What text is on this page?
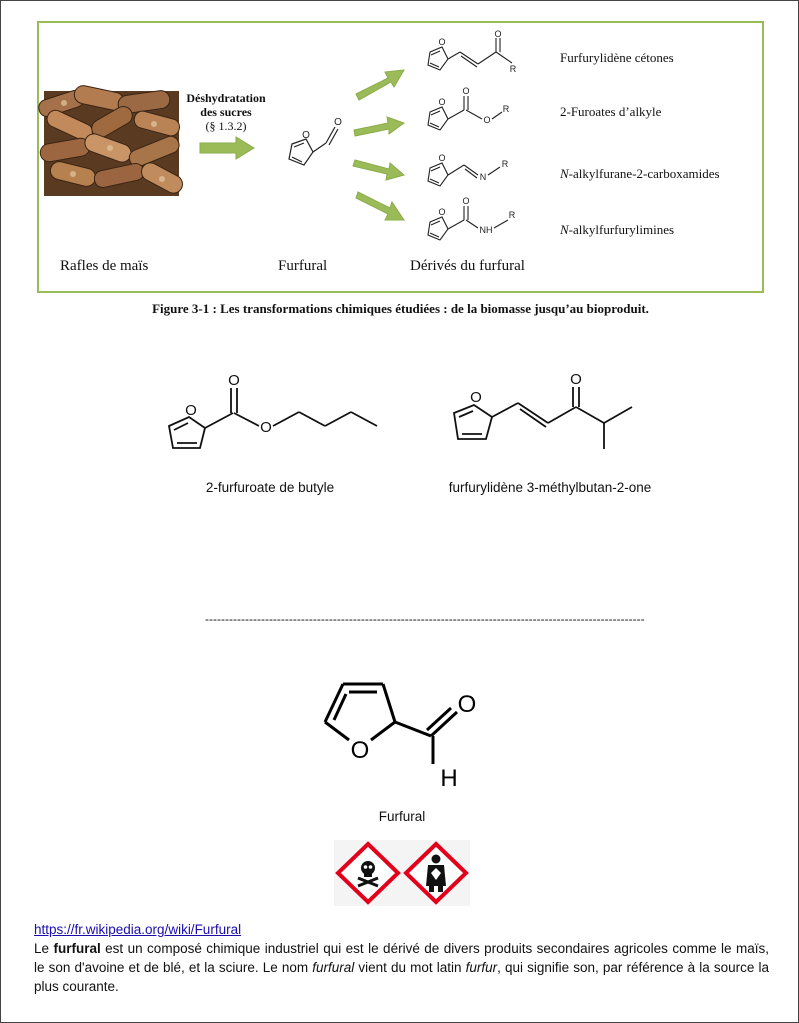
Déshydratation
des sucres
(§ 1.3.2)
O
O
O
O
R
O
O
O
R
O
N
R
O
O
NH
R
Furfurylidène cétones
2-Furoates d’alkyle
N-alkylfurane-2-carboxamides
N-alkylfurfurylimines
Rafles de maïs	Furfural	Dérivés du furfural
Figure 3-1 : Les transformations chimiques étudiées : de la biomasse jusqu’au bioproduit.
O
O
O
O
O
2-furfuroate de butyle	furfurylidène 3-méthylbutan-2-one
--------------------------------------------------------------------------------------------------------------
O
O
H
Furfural
https://fr.wikipedia.org/wiki/Furfural
Le furfural est un composé chimique industriel qui est le dérivé de divers produits secondaires agricoles comme le maïs, le son d'avoine et de blé, et la sciure. Le nom furfural vient du mot latin furfur, qui signifie son, par référence à la source la plus courante.
